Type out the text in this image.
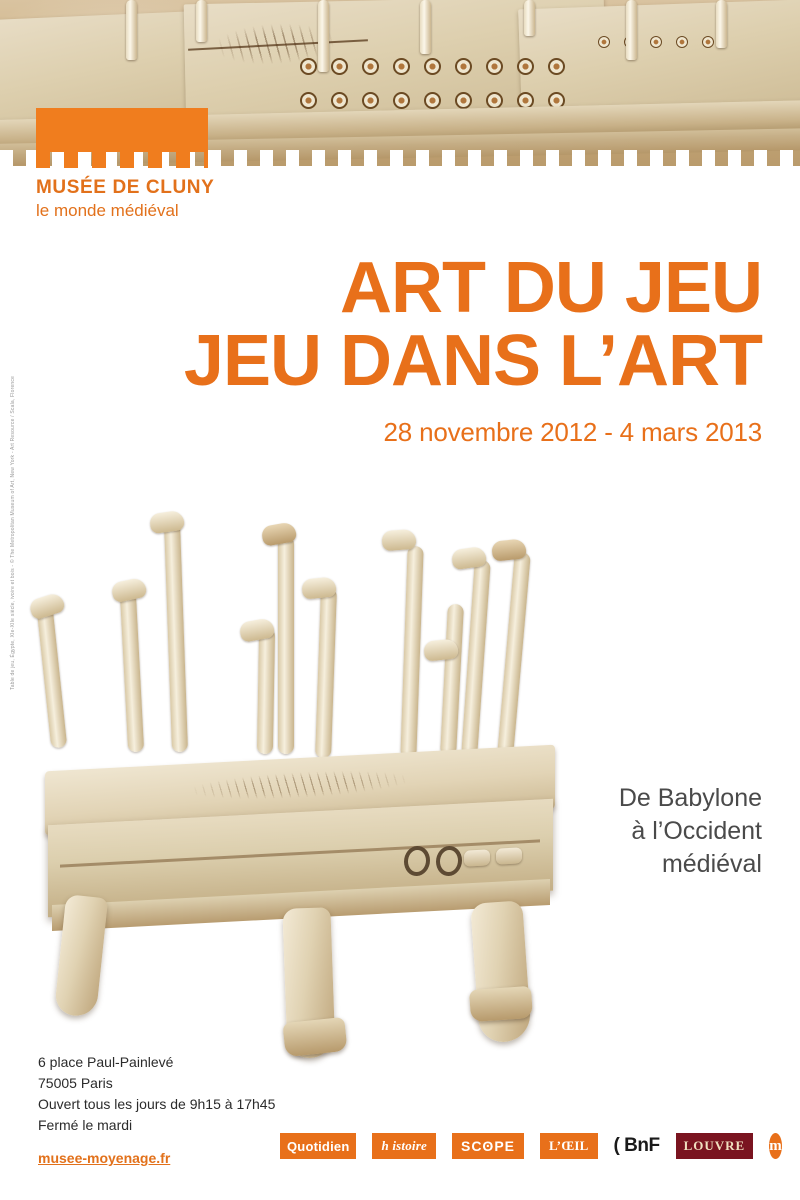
MUSÉE DE CLUNY
le monde médiéval
ART DU JEU
JEU DANS L’ART
28 novembre 2012 - 4 mars 2013
Table de jeu, Égypte, XIe-XIIe siècle, ivoire et bois - © The Metropolitan Museum of Art, New York - Art Resource / Scala, Florence
De Babylone
à l’Occident
médiéval
6 place Paul-Painlevé
75005 Paris
Ouvert tous les jours de 9h15 à 17h45
Fermé le mardi
musee-moyenage.fr
Quotidien	h istoire	SCʘPE	L’ŒIL	( BnF	LOUVRE	m
